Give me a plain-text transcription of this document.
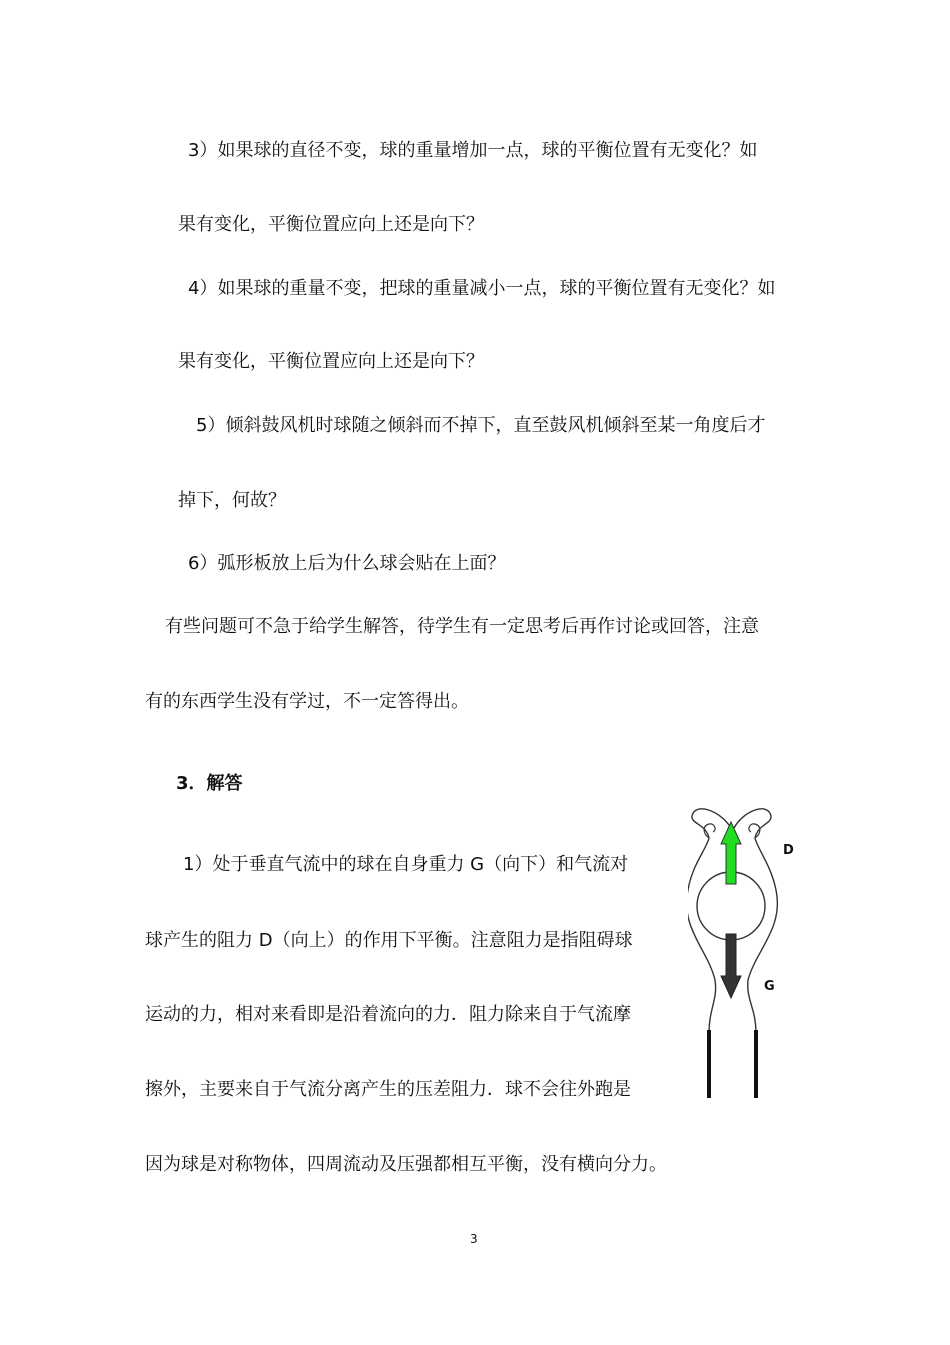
3）如果球的直径不变，球的重量增加一点，球的平衡位置有无变化？如

果有变化，平衡位置应向上还是向下？

4）如果球的重量不变，把球的重量减小一点，球的平衡位置有无变化？如

果有变化，平衡位置应向上还是向下？

5）倾斜鼓风机时球随之倾斜而不掉下，直至鼓风机倾斜至某一角度后才

掉下，何故？

6）弧形板放上后为什么球会贴在上面？

有些问题可不急于给学生解答，待学生有一定思考后再作讨论或回答，注意

有的东西学生没有学过，不一定答得出。

3．解答

1）处于垂直气流中的球在自身重力 G（向下）和气流对

球产生的阻力 D（向上）的作用下平衡。注意阻力是指阻碍球

运动的力，相对来看即是沿着流向的力．阻力除来自于气流摩

擦外，主要来自于气流分离产生的压差阻力．球不会往外跑是

因为球是对称物体，四周流动及压强都相互平衡，没有横向分力。

D
G
3
